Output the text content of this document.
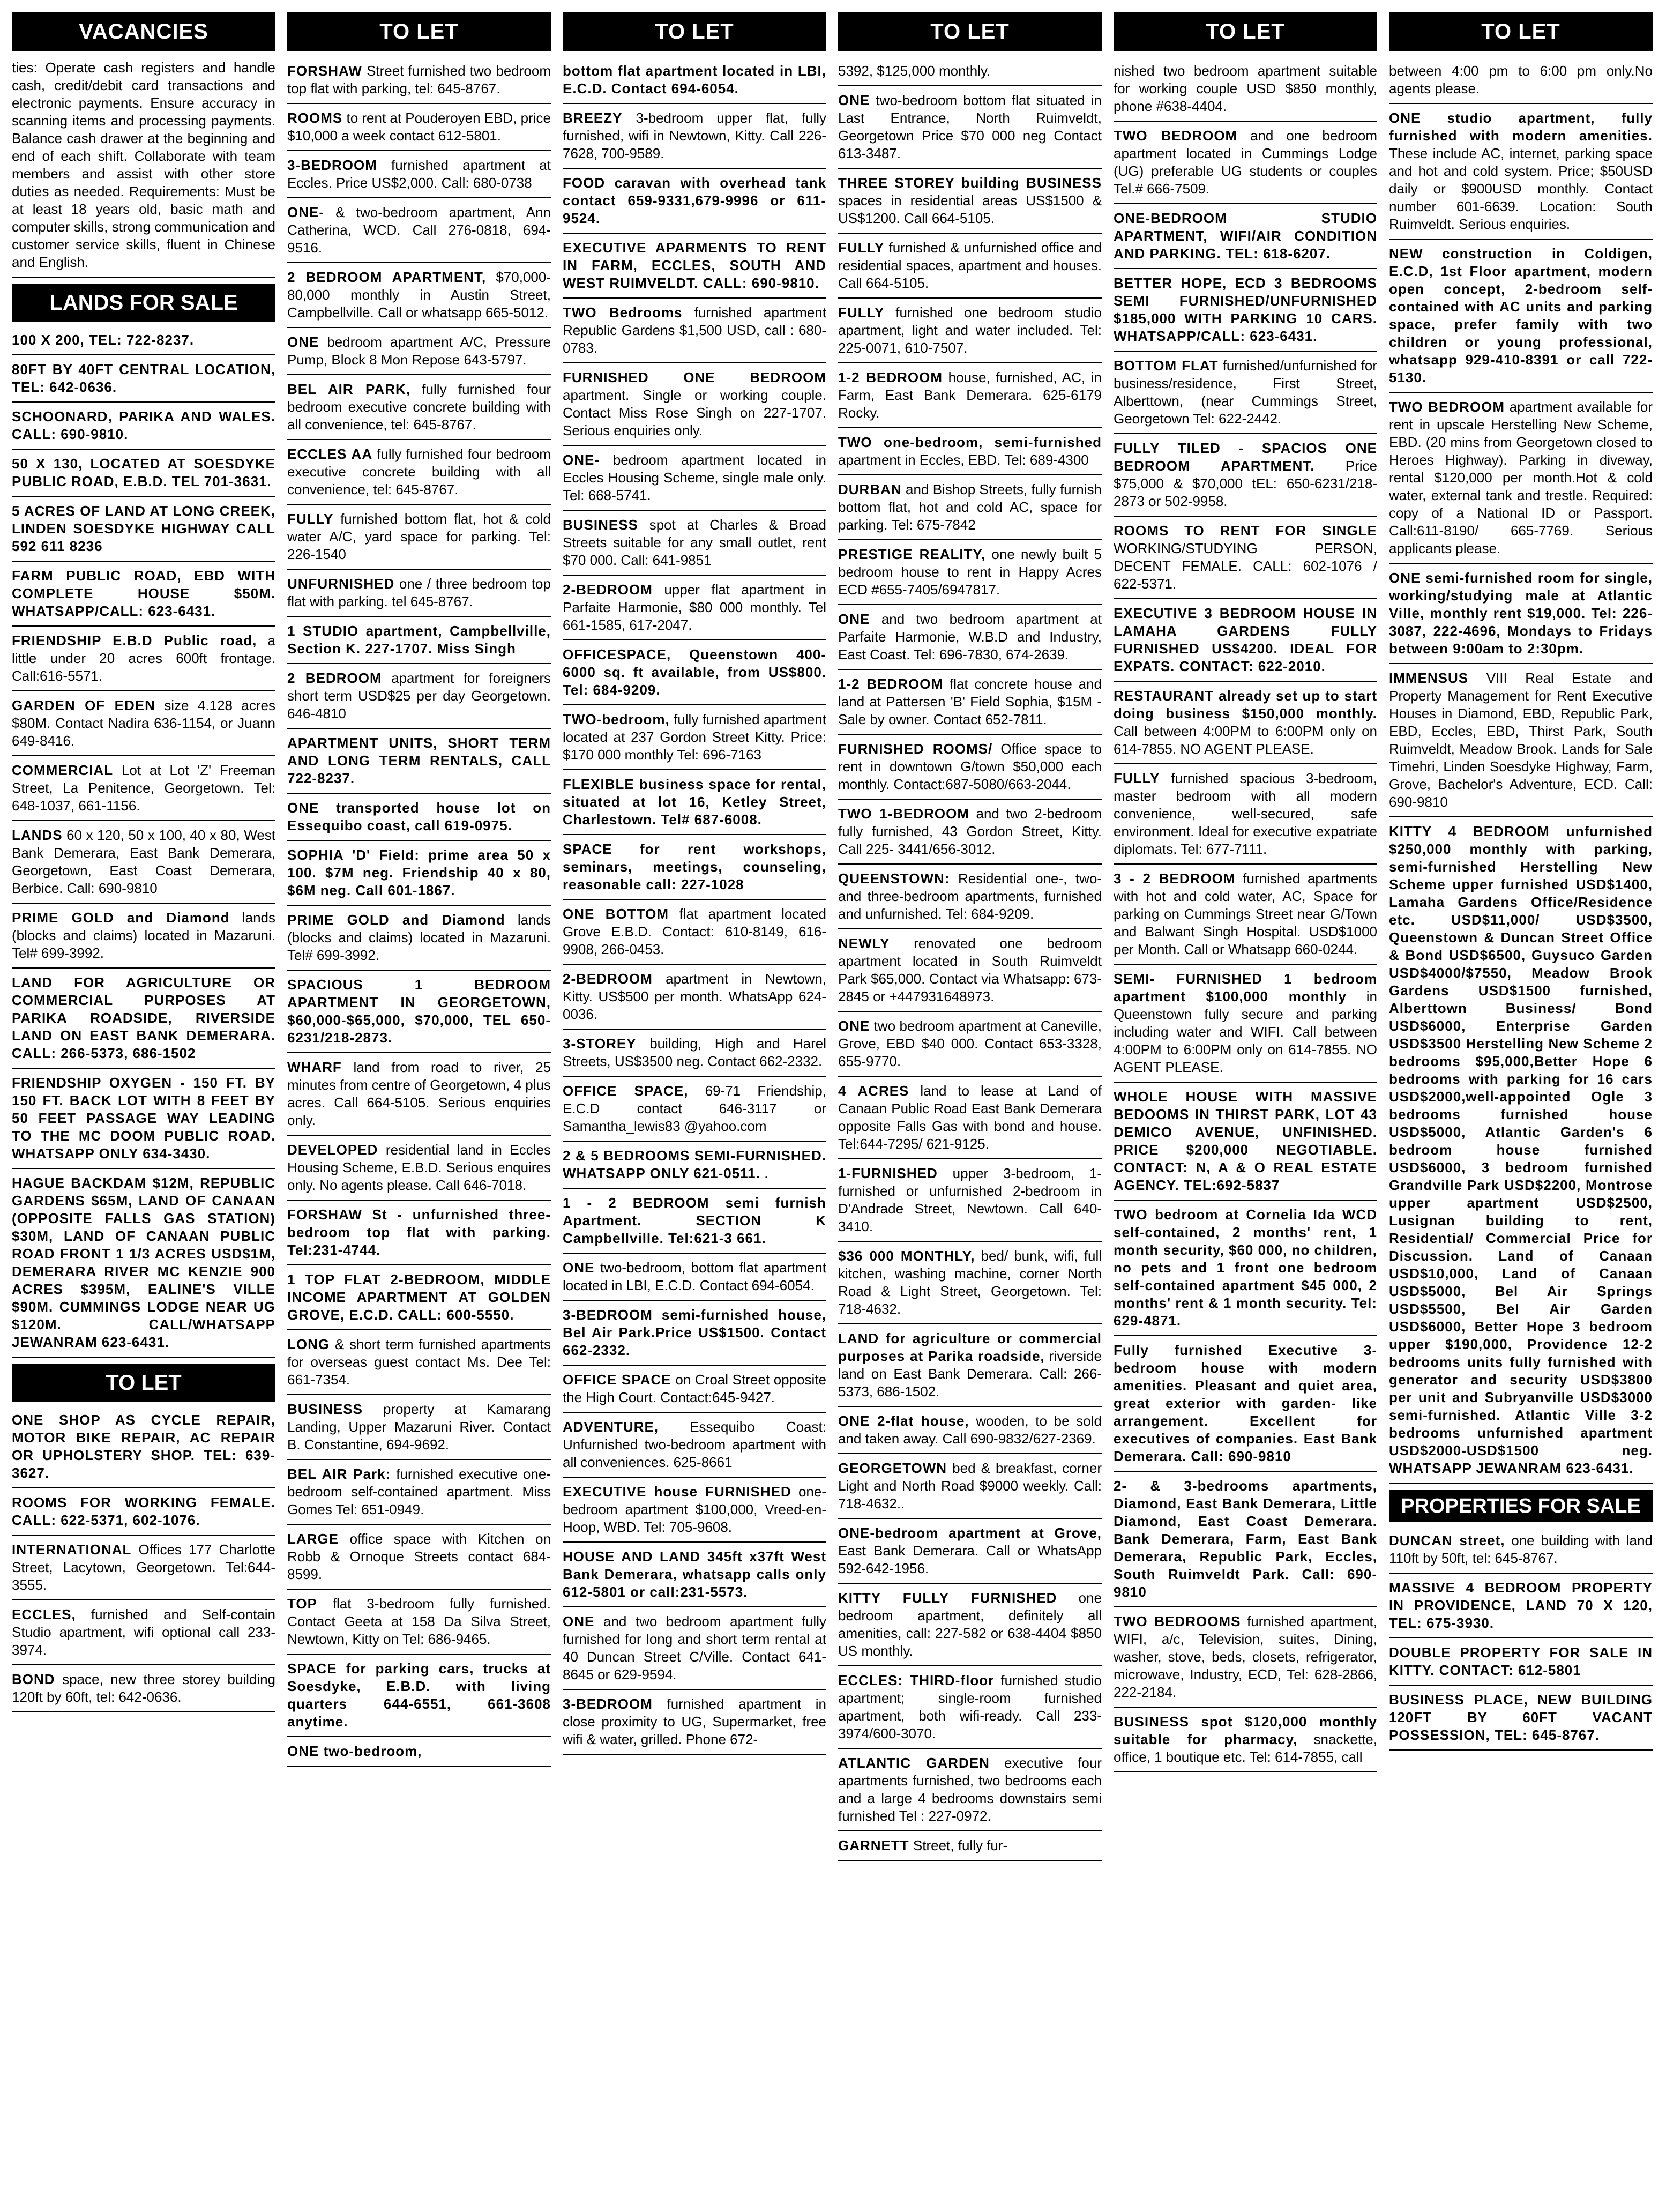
VACANCIES
ties: Operate cash registers and handle cash, credit/debit card transactions and electronic payments. Ensure accuracy in scanning items and processing payments. Balance cash drawer at the beginning and end of each shift. Collaborate with team members and assist with other store duties as needed. Requirements: Must be at least 18 years old, basic math and computer skills, strong communication and customer service skills, fluent in Chinese and English.
LANDS FOR SALE

100 X 200, TEL: 722-8237.

80FT BY 40FT CENTRAL LOCATION, TEL: 642-0636.

SCHOONARD, PARIKA AND WALES. CALL: 690-9810.

50 X 130, LOCATED AT SOESDYKE PUBLIC ROAD, E.B.D. TEL 701-3631.

5 ACRES OF LAND AT LONG CREEK, LINDEN SOESDYKE HIGHWAY CALL 592 611 8236

FARM PUBLIC ROAD, EBD WITH COMPLETE HOUSE $50M. WHATSAPP/CALL: 623-6431.

FRIENDSHIP E.B.D Public road, a little under 20 acres 600ft frontage. Call:616-5571.

GARDEN OF EDEN size 4.128 acres $80M. Contact Nadira 636-1154, or Juann 649-8416.

COMMERCIAL Lot at Lot 'Z' Freeman Street, La Penitence, Georgetown. Tel: 648-1037, 661-1156.

LANDS 60 x 120, 50 x 100, 40 x 80, West Bank Demerara, East Bank Demerara, Georgetown, East Coast Demerara, Berbice. Call: 690-9810

PRIME GOLD and Diamond lands (blocks and claims) located in Mazaruni. Tel# 699-3992.

LAND FOR AGRICULTURE OR COMMERCIAL PURPOSES AT PARIKA ROADSIDE, RIVERSIDE LAND ON EAST BANK DEMERARA. CALL: 266-5373, 686-1502

FRIENDSHIP OXYGEN - 150 FT. BY 150 FT. BACK LOT WITH 8 FEET BY 50 FEET PASSAGE WAY LEADING TO THE MC DOOM PUBLIC ROAD. WHATSAPP ONLY 634-3430.

HAGUE BACKDAM $12M, REPUBLIC GARDENS $65M, LAND OF CANAAN (OPPOSITE FALLS GAS STATION) $30M, LAND OF CANAAN PUBLIC ROAD FRONT 1 1/3 ACRES USD$1M, DEMERARA RIVER MC KENZIE 900 ACRES $395M, EALINE'S VILLE $90M. CUMMINGS LODGE NEAR UG $120M. CALL/WHATSAPP JEWANRAM 623-6431.

TO LET

ONE SHOP AS CYCLE REPAIR, MOTOR BIKE REPAIR, AC REPAIR OR UPHOLSTERY SHOP. TEL: 639-3627.

ROOMS FOR WORKING FEMALE. CALL: 622-5371, 602-1076.

INTERNATIONAL Offices 177 Charlotte Street, Lacytown, Georgetown. Tel:644-3555.

ECCLES, furnished and Self-contain Studio apartment, wifi optional call 233-3974.

BOND space, new three storey building 120ft by 60ft, tel: 642-0636.

TO LET

FORSHAW Street furnished two bedroom top flat with parking, tel: 645-8767.

ROOMS to rent at Pouderoyen EBD, price $10,000 a week contact 612-5801.

3-BEDROOM furnished apartment at Eccles. Price US$2,000. Call: 680-0738

ONE- & two-bedroom apartment, Ann Catherina, WCD. Call 276-0818, 694-9516.

2 BEDROOM APARTMENT, $70,000-80,000 monthly in Austin Street, Campbellville. Call or whatsapp 665-5012.

ONE bedroom apartment A/C, Pressure Pump, Block 8 Mon Repose 643-5797.

BEL AIR PARK, fully furnished four bedroom executive concrete building with all convenience, tel: 645-8767.

ECCLES AA fully furnished four bedroom executive concrete building with all convenience, tel: 645-8767.

FULLY furnished bottom flat, hot & cold water A/C, yard space for parking. Tel: 226-1540

UNFURNISHED one / three bedroom top flat with parking. tel 645-8767.

1 STUDIO apartment, Campbellville, Section K. 227-1707. Miss Singh

2 BEDROOM apartment for foreigners short term USD$25 per day Georgetown. 646-4810

APARTMENT UNITS, SHORT TERM AND LONG TERM RENTALS, CALL 722-8237.

ONE transported house lot on Essequibo coast, call 619-0975.

SOPHIA 'D' Field: prime area 50 x 100. $7M neg. Friendship 40 x 80, $6M neg. Call 601-1867.

PRIME GOLD and Diamond lands (blocks and claims) located in Mazaruni. Tel# 699-3992.

SPACIOUS 1 BEDROOM APARTMENT IN GEORGETOWN, $60,000-$65,000, $70,000, TEL 650-6231/218-2873.

WHARF land from road to river, 25 minutes from centre of Georgetown, 4 plus acres. Call 664-5105. Serious enquiries only.

DEVELOPED residential land in Eccles Housing Scheme, E.B.D. Serious enquires only. No agents please. Call 646-7018.

FORSHAW St - unfurnished three-bedroom top flat with parking. Tel:231-4744.

1 TOP FLAT 2-BEDROOM, MIDDLE INCOME APARTMENT AT GOLDEN GROVE, E.C.D. CALL: 600-5550.

LONG & short term furnished apartments for overseas guest contact Ms. Dee Tel: 661-7354.

BUSINESS property at Kamarang Landing, Upper Mazaruni River. Contact B. Constantine, 694-9692.

BEL AIR Park: furnished executive one-bedroom self-contained apartment. Miss Gomes Tel: 651-0949.

LARGE office space with Kitchen on Robb & Ornoque Streets contact 684-8599.

TOP flat 3-bedroom fully furnished. Contact Geeta at 158 Da Silva Street, Newtown, Kitty on Tel: 686-9465.

SPACE for parking cars, trucks at Soesdyke, E.B.D. with living quarters 644-6551, 661-3608 anytime.

ONE two-bedroom,

TO LET

bottom flat apartment located in LBI, E.C.D. Contact 694-6054.

BREEZY 3-bedroom upper flat, fully furnished, wifi in Newtown, Kitty. Call 226-7628, 700-9589.

FOOD caravan with overhead tank contact 659-9331,679-9996 or 611-9524.

EXECUTIVE APARMENTS TO RENT IN FARM, ECCLES, SOUTH AND WEST RUIMVELDT. CALL: 690-9810.

TWO Bedrooms furnished apartment Republic Gardens $1,500 USD, call : 680-0783.

FURNISHED ONE BEDROOM apartment. Single or working couple. Contact Miss Rose Singh on 227-1707. Serious enquiries only.

ONE- bedroom apartment located in Eccles Housing Scheme, single male only. Tel: 668-5741.

BUSINESS spot at Charles & Broad Streets suitable for any small outlet, rent $70 000. Call: 641-9851

2-BEDROOM upper flat apartment in Parfaite Harmonie, $80 000 monthly. Tel 661-1585, 617-2047.

OFFICESPACE, Queenstown 400-6000 sq. ft available, from US$800. Tel: 684-9209.

TWO-bedroom, fully furnished apartment located at 237 Gordon Street Kitty. Price: $170 000 monthly Tel: 696-7163

FLEXIBLE business space for rental, situated at lot 16, Ketley Street, Charlestown. Tel# 687-6008.

SPACE for rent workshops, seminars, meetings, counseling, reasonable call: 227-1028

ONE BOTTOM flat apartment located Grove E.B.D. Contact: 610-8149, 616-9908, 266-0453.

2-BEDROOM apartment in Newtown, Kitty. US$500 per month. WhatsApp 624-0036.

3-STOREY building, High and Harel Streets, US$3500 neg. Contact 662-2332.

OFFICE SPACE, 69-71 Friendship, E.C.D contact 646-3117 or Samantha_lewis83 @yahoo.com

2 & 5 BEDROOMS SEMI-FURNISHED. WHATSAPP ONLY 621-0511. .

1 - 2 BEDROOM semi furnish Apartment. SECTION K Campbellville. Tel:621-3 661.

ONE two-bedroom, bottom flat apartment located in LBI, E.C.D. Contact 694-6054.

3-BEDROOM semi-furnished house, Bel Air Park.Price US$1500. Contact 662-2332.

OFFICE SPACE on Croal Street opposite the High Court. Contact:645-9427.

ADVENTURE, Essequibo Coast: Unfurnished two-bedroom apartment with all conveniences. 625-8661

EXECUTIVE house FURNISHED one-bedroom apartment $100,000, Vreed-en-Hoop, WBD. Tel: 705-9608.

HOUSE AND LAND 345ft x37ft West Bank Demerara, whatsapp calls only 612-5801 or call:231-5573.

ONE and two bedroom apartment fully furnished for long and short term rental at 40 Duncan Street C/Ville. Contact 641-8645 or 629-9594.

3-BEDROOM furnished apartment in close proximity to UG, Supermarket, free wifi & water, grilled. Phone 672-

TO LET

5392, $125,000 monthly.

ONE two-bedroom bottom flat situated in Last Entrance, North Ruimveldt, Georgetown Price $70 000 neg Contact 613-3487.

THREE STOREY building BUSINESS spaces in residential areas US$1500 & US$1200. Call 664-5105.

FULLY furnished & unfurnished office and residential spaces, apartment and houses. Call 664-5105.

FULLY furnished one bedroom studio apartment, light and water included. Tel: 225-0071, 610-7507.

1-2 BEDROOM house, furnished, AC, in Farm, East Bank Demerara. 625-6179 Rocky.

TWO one-bedroom, semi-furnished apartment in Eccles, EBD. Tel: 689-4300

DURBAN and Bishop Streets, fully furnish bottom flat, hot and cold AC, space for parking. Tel: 675-7842

PRESTIGE REALITY, one newly built 5 bedroom house to rent in Happy Acres ECD #655-7405/6947817.

ONE and two bedroom apartment at Parfaite Harmonie, W.B.D and Industry, East Coast. Tel: 696-7830, 674-2639.

1-2 BEDROOM flat concrete house and land at Pattersen 'B' Field Sophia, $15M - Sale by owner. Contact 652-7811.

FURNISHED ROOMS/ Office space to rent in downtown G/town $50,000 each monthly. Contact:687-5080/663-2044.

TWO 1-BEDROOM and two 2-bedroom fully furnished, 43 Gordon Street, Kitty. Call 225- 3441/656-3012.

QUEENSTOWN: Residential one-, two- and three-bedroom apartments, furnished and unfurnished. Tel: 684-9209.

NEWLY renovated one bedroom apartment located in South Ruimveldt Park $65,000. Contact via Whatsapp: 673-2845 or +447931648973.

ONE two bedroom apartment at Caneville, Grove, EBD $40 000. Contact 653-3328, 655-9770.

4 ACRES land to lease at Land of Canaan Public Road East Bank Demerara opposite Falls Gas with bond and house. Tel:644-7295/ 621-9125.

1-FURNISHED upper 3-bedroom, 1-furnished or unfurnished 2-bedroom in D'Andrade Street, Newtown. Call 640-3410.

$36 000 MONTHLY, bed/ bunk, wifi, full kitchen, washing machine, corner North Road & Light Street, Georgetown. Tel: 718-4632.

LAND for agriculture or commercial purposes at Parika roadside, riverside land on East Bank Demerara. Call: 266-5373, 686-1502.

ONE 2-flat house, wooden, to be sold and taken away. Call 690-9832/627-2369.

GEORGETOWN bed & breakfast, corner Light and North Road $9000 weekly. Call: 718-4632..

ONE-bedroom apartment at Grove, East Bank Demerara. Call or WhatsApp 592-642-1956.

KITTY FULLY FURNISHED one bedroom apartment, definitely all amenities, call: 227-582 or 638-4404 $850 US monthly.

ECCLES: THIRD-floor furnished studio apartment; single-room furnished apartment, both wifi-ready. Call 233-3974/600-3070.

ATLANTIC GARDEN executive four apartments furnished, two bedrooms each and a large 4 bedrooms downstairs semi furnished Tel : 227-0972.

GARNETT Street, fully fur-

TO LET

nished two bedroom apartment suitable for working couple USD $850 monthly, phone #638-4404.

TWO BEDROOM and one bedroom apartment located in Cummings Lodge (UG) preferable UG students or couples Tel.# 666-7509.

ONE-BEDROOM STUDIO APARTMENT, WIFI/AIR CONDITION AND PARKING. TEL: 618-6207.

BETTER HOPE, ECD 3 BEDROOMS SEMI FURNISHED/UNFURNISHED $185,000 WITH PARKING 10 CARS. WHATSAPP/CALL: 623-6431.

BOTTOM FLAT furnished/unfurnished for business/residence, First Street, Alberttown, (near Cummings Street, Georgetown Tel: 622-2442.

FULLY TILED - SPACIOS ONE BEDROOM APARTMENT. Price $75,000 & $70,000 tEL: 650-6231/218-2873 or 502-9958.

ROOMS TO RENT FOR SINGLE WORKING/STUDYING PERSON, DECENT FEMALE. CALL: 602-1076 / 622-5371.

EXECUTIVE 3 BEDROOM HOUSE IN LAMAHA GARDENS FULLY FURNISHED US$4200. IDEAL FOR EXPATS. CONTACT: 622-2010.

RESTAURANT already set up to start doing business $150,000 monthly. Call between 4:00PM to 6:00PM only on 614-7855. NO AGENT PLEASE.

FULLY furnished spacious 3-bedroom, master bedroom with all modern convenience, well-secured, safe environment. Ideal for executive expatriate diplomats. Tel: 677-7111.

3 - 2 BEDROOM furnished apartments with hot and cold water, AC, Space for parking on Cummings Street near G/Town and Balwant Singh Hospital. USD$1000 per Month. Call or Whatsapp 660-0244.

SEMI- FURNISHED 1 bedroom apartment $100,000 monthly in Queenstown fully secure and parking including water and WIFI. Call between 4:00PM to 6:00PM only on 614-7855. NO AGENT PLEASE.

WHOLE HOUSE WITH MASSIVE BEDOOMS IN THIRST PARK, LOT 43 DEMICO AVENUE, UNFINISHED. PRICE $200,000 NEGOTIABLE. CONTACT: N, A & O REAL ESTATE AGENCY. TEL:692-5837

TWO bedroom at Cornelia Ida WCD self-contained, 2 months' rent, 1 month security, $60 000, no children, no pets and 1 front one bedroom self-contained apartment $45 000, 2 months' rent & 1 month security. Tel: 629-4871.

Fully furnished Executive 3- bedroom house with modern amenities. Pleasant and quiet area, great exterior with garden- like arrangement. Excellent for executives of companies. East Bank Demerara. Call: 690-9810

2- & 3-bedrooms apartments, Diamond, East Bank Demerara, Little Diamond, East Coast Demerara. Bank Demerara, Farm, East Bank Demerara, Republic Park, Eccles, South Ruimveldt Park. Call: 690-9810

TWO BEDROOMS furnished apartment, WIFI, a/c, Television, suites, Dining, washer, stove, beds, closets, refrigerator, microwave, Industry, ECD, Tel: 628-2866, 222-2184.

BUSINESS spot $120,000 monthly suitable for pharmacy, snackette, office, 1 boutique etc. Tel: 614-7855, call

TO LET

between 4:00 pm to 6:00 pm only.No agents please.

ONE studio apartment, fully furnished with modern amenities. These include AC, internet, parking space and hot and cold system. Price; $50USD daily or $900USD monthly. Contact number 601-6639. Location: South Ruimveldt. Serious enquiries.

NEW construction in Coldigen, E.C.D, 1st Floor apartment, modern open concept, 2-bedroom self-contained with AC units and parking space, prefer family with two children or young professional, whatsapp 929-410-8391 or call 722-5130.

TWO BEDROOM apartment available for rent in upscale Herstelling New Scheme, EBD. (20 mins from Georgetown closed to Heroes Highway). Parking in diveway, rental $120,000 per month.Hot & cold water, external tank and trestle. Required: copy of a National ID or Passport. Call:611-8190/ 665-7769. Serious applicants please.

ONE semi-furnished room for single, working/studying male at Atlantic Ville, monthly rent $19,000. Tel: 226-3087, 222-4696, Mondays to Fridays between 9:00am to 2:30pm.

IMMENSUS VIII Real Estate and Property Management for Rent Executive Houses in Diamond, EBD, Republic Park, EBD, Eccles, EBD, Thirst Park, South Ruimveldt, Meadow Brook. Lands for Sale Timehri, Linden Soesdyke Highway, Farm, Grove, Bachelor's Adventure, ECD. Call: 690-9810

KITTY 4 BEDROOM unfurnished $250,000 monthly with parking, semi-furnished Herstelling New Scheme upper furnished USD$1400, Lamaha Gardens Office/Residence etc. USD$11,000/ USD$3500, Queenstown & Duncan Street Office & Bond USD$6500, Guysuco Garden USD$4000/$7550, Meadow Brook Gardens USD$1500 furnished, Alberttown Business/ Bond USD$6000, Enterprise Garden USD$3500 Herstelling New Scheme 2 bedrooms $95,000,Better Hope 6 bedrooms with parking for 16 cars USD$2000,well-appointed Ogle 3 bedrooms furnished house USD$5000, Atlantic Garden's 6 bedroom house furnished USD$6000, 3 bedroom furnished Grandville Park USD$2200, Montrose upper apartment USD$2500, Lusignan building to rent, Residential/ Commercial Price for Discussion. Land of Canaan USD$10,000, Land of Canaan USD$5000, Bel Air Springs USD$5500, Bel Air Garden USD$6000, Better Hope 3 bedroom upper $190,000, Providence 12-2 bedrooms units fully furnished with generator and security USD$3800 per unit and Subryanville USD$3000 semi-furnished. Atlantic Ville 3-2 bedrooms unfurnished apartment USD$2000-USD$1500 neg. WHATSAPP JEWANRAM 623-6431.

PROPERTIES FOR SALE

DUNCAN street, one building with land 110ft by 50ft, tel: 645-8767.

MASSIVE 4 BEDROOM PROPERTY IN PROVIDENCE, LAND 70 X 120, TEL: 675-3930.

DOUBLE PROPERTY FOR SALE IN KITTY. CONTACT: 612-5801

BUSINESS PLACE, NEW BUILDING 120FT BY 60FT VACANT POSSESSION, TEL: 645-8767.
